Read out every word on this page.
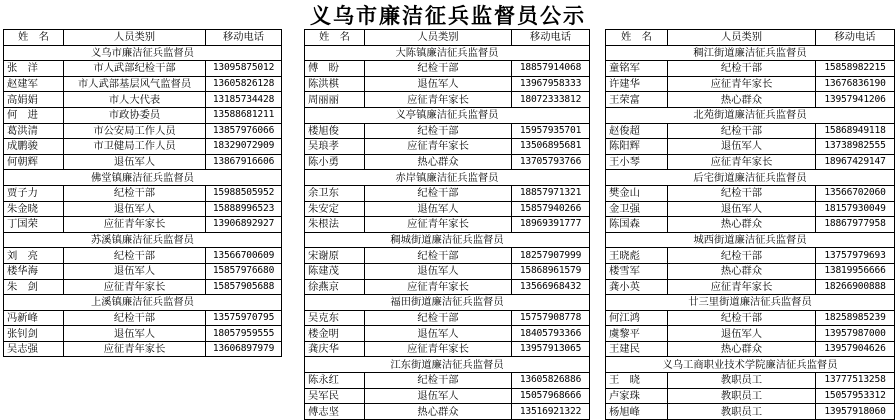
义乌市廉洁征兵监督员公示
姓　名	人员类别	移动电话
义乌市廉洁征兵监督员		
张　洋	市人武部纪检干部	13095875012
赵建军	市人武部基层风气监督员	13605826128
高娟娟	市人大代表	13185734428
何　进	市政协委员	13588681211
葛洪清	市公安局工作人员	13857976066
成鹏骏	市卫健局工作人员	18329072909
何朝辉	退伍军人	13867916606
佛堂镇廉洁征兵监督员		
贾子力	纪检干部	15988505952
朱金晓	退伍军人	15888996523
丁国荣	应征青年家长	13906892927
苏溪镇廉洁征兵监督员		
刘　亮	纪检干部	13566700609
楼华海	退伍军人	15857976680
朱　剑	应征青年家长	15857905688
上溪镇廉洁征兵监督员		
冯新峰	纪检干部	13575970795
张钊剑	退伍军人	18057959555
吴志强	应征青年家长	13606897979
姓　名	人员类别	移动电话
大陈镇廉洁征兵监督员		
傅　盼	纪检干部	18857914068
陈洪棋	退伍军人	13967958333
周丽丽	应征青年家长	18072333812
义亭镇廉洁征兵监督员		
楼旭俊	纪检干部	15957935701
吴琅孝	应征青年家长	13506895681
陈小勇	热心群众	13705793766
赤岸镇廉洁征兵监督员		
余卫东	纪检干部	18857971321
朱安定	退伍军人	15857940266
朱根法	应征青年家长	18969391777
稠城街道廉洁征兵监督员		
宋谢原	纪检干部	18257907999
陈建茂	退伍军人	15868961579
徐燕京	应征青年家长	13566968432
福田街道廉洁征兵监督员		
吴克东	纪检干部	15757908778
楼金明	退伍军人	18405793366
龚庆华	应征青年家长	13957913065
江东街道廉洁征兵监督员		
陈永红	纪检干部	13605826886
吴军民	退伍军人	15057968666
傅志坚	热心群众	13516921322
姓　名	人员类别	移动电话
稠江街道廉洁征兵监督员		
童铭军	纪检干部	15858982215
许建华	应征青年家长	13676836190
王荣富	热心群众	13957941206
北苑街道廉洁征兵监督员		
赵俊超	纪检干部	15868949118
陈阳辉	退伍军人	13738982555
王小琴	应征青年家长	18967429147
后宅街道廉洁征兵监督员		
樊金山	纪检干部	13566702060
金卫强	退伍军人	18157930049
陈国森	热心群众	18867977958
城西街道廉洁征兵监督员		
王晓彪	纪检干部	13757979693
楼雪军	热心群众	13819956666
龚小英	应征青年家长	18266900888
廿三里街道廉洁征兵监督员		
何江鸿	纪检干部	18258985239
虞黎平	退伍军人	13957987000
王建民	热心群众	13957904626
义乌工商职业技术学院廉洁征兵监督员		
王　晓	教职员工	13777513258
卢家珠	教职员工	15057953312
杨旭峰	教职员工	13957918060
